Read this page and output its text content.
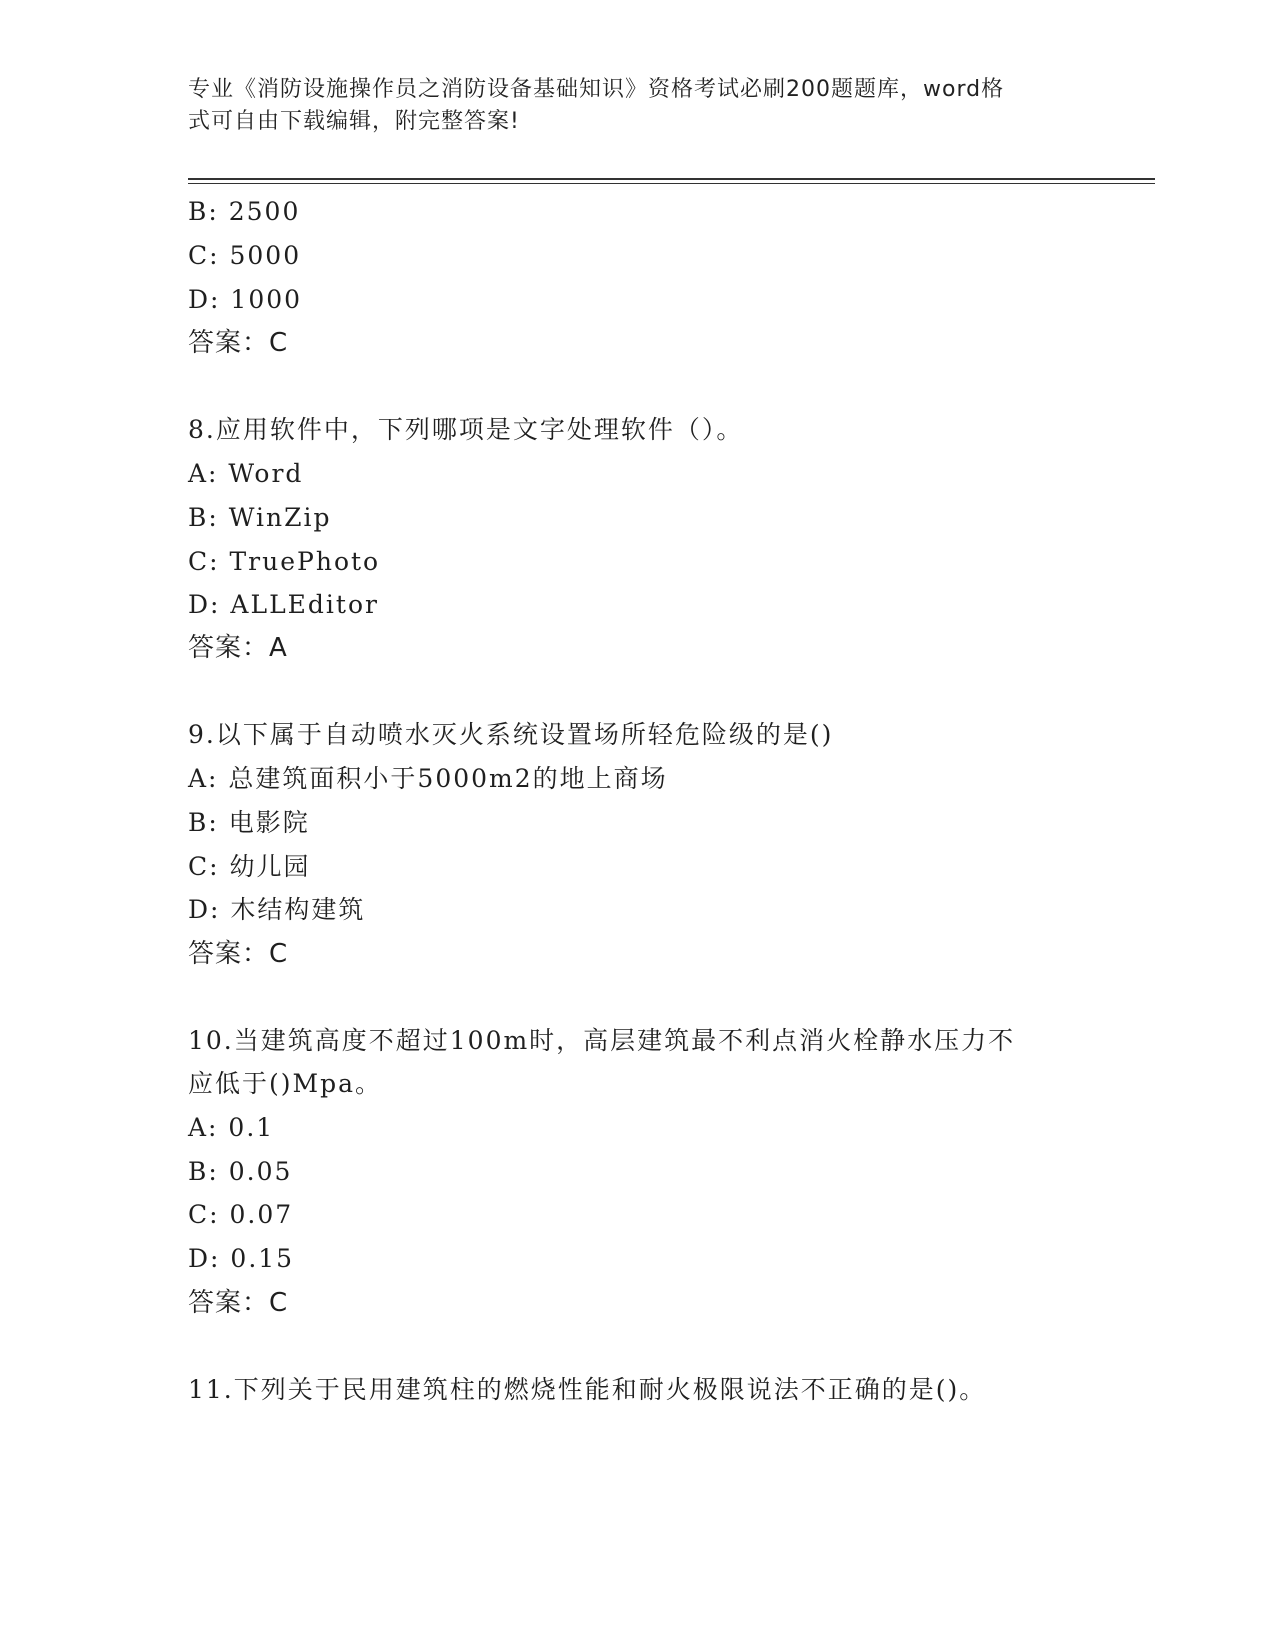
专业《消防设施操作员之消防设备基础知识》资格考试必刷200题题库，word格
式可自由下载编辑，附完整答案!
B: 2500
C: 5000
D: 1000
答案：C
8.应用软件中，下列哪项是文字处理软件（）。
A: Word
B: WinZip
C: TruePhoto
D: ALLEditor
答案：A
9.以下属于自动喷水灭火系统设置场所轻危险级的是()
A: 总建筑面积小于5000m2的地上商场
B: 电影院
C: 幼儿园
D: 木结构建筑
答案：C
10.当建筑高度不超过100m时，高层建筑最不利点消火栓静水压力不
应低于()Mpa。
A: 0.1
B: 0.05
C: 0.07
D: 0.15
答案：C
11.下列关于民用建筑柱的燃烧性能和耐火极限说法不正确的是()。
